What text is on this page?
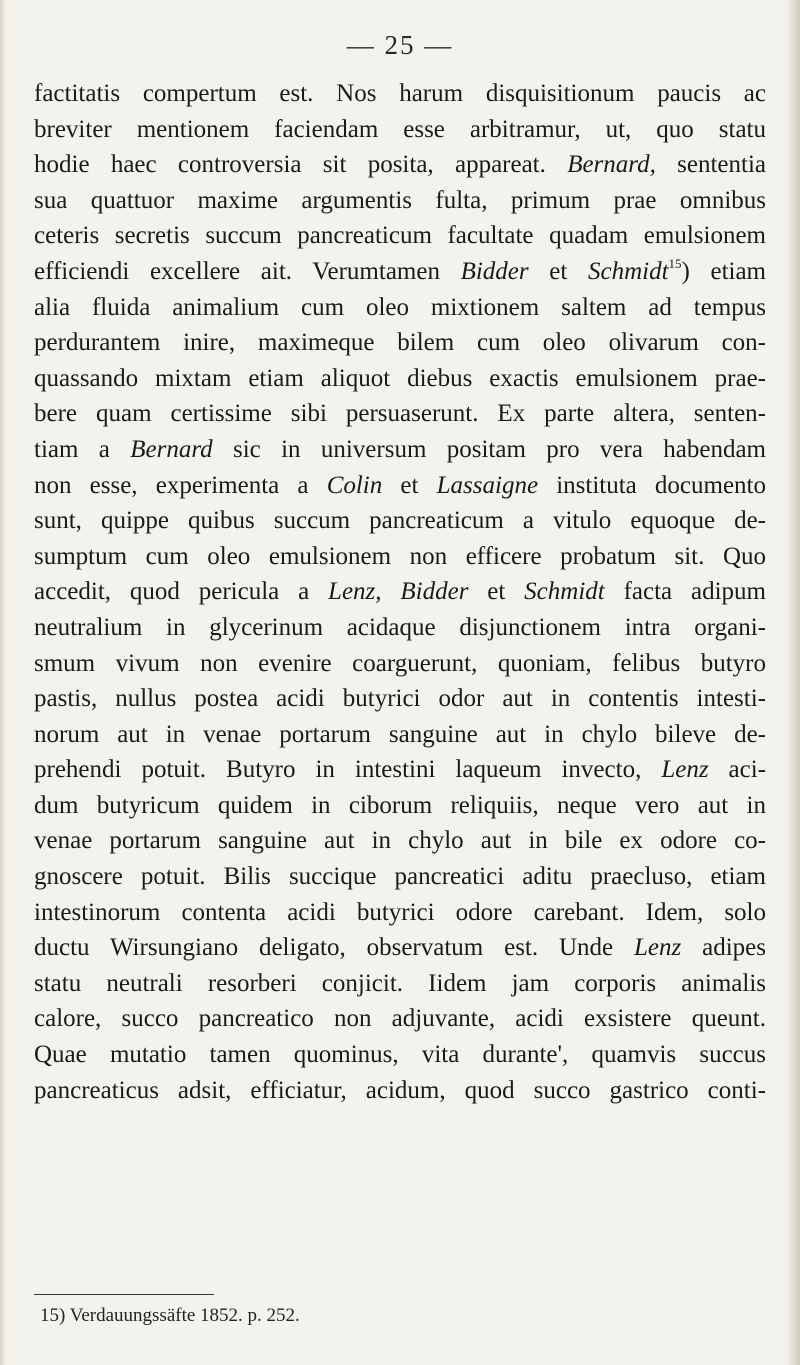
— 25 —
factitatis compertum est. Nos harum disquisitionum paucis ac
breviter mentionem faciendam esse arbitramur, ut, quo statu
hodie haec controversia sit posita, appareat. Bernard, sententia
sua quattuor maxime argumentis fulta, primum prae omnibus
ceteris secretis succum pancreaticum facultate quadam emulsionem
efficiendi excellere ait. Verumtamen Bidder et Schmidt$^{15}$) etiam
alia fluida animalium cum oleo mixtionem saltem ad tempus
perdurantem inire, maximeque bilem cum oleo olivarum con-
quassando mixtam etiam aliquot diebus exactis emulsionem prae-
bere quam certissime sibi persuaserunt. Ex parte altera, senten-
tiam a Bernard sic in universum positam pro vera habendam
non esse, experimenta a Colin et Lassaigne instituta documento
sunt, quippe quibus succum pancreaticum a vitulo equoque de-
sumptum cum oleo emulsionem non efficere probatum sit. Quo
accedit, quod pericula a Lenz, Bidder et Schmidt facta adipum
neutralium in glycerinum acidaque disjunctionem intra organi-
smum vivum non evenire coarguerunt, quoniam, felibus butyro
pastis, nullus postea acidi butyrici odor aut in contentis intesti-
norum aut in venae portarum sanguine aut in chylo bileve de-
prehendi potuit. Butyro in intestini laqueum invecto, Lenz aci-
dum butyricum quidem in ciborum reliquiis, neque vero aut in
venae portarum sanguine aut in chylo aut in bile ex odore co-
gnoscere potuit. Bilis succique pancreatici aditu praecluso, etiam
intestinorum contenta acidi butyrici odore carebant. Idem, solo
ductu Wirsungiano deligato, observatum est. Unde Lenz adipes
statu neutrali resorberi conjicit. Iidem jam corporis animalis
calore, succo pancreatico non adjuvante, acidi exsistere queunt.
Quae mutatio tamen quominus, vita durante', quamvis succus
pancreaticus adsit, efficiatur, acidum, quod succo gastrico conti-
15) Verdauungssäfte 1852. p. 252.
